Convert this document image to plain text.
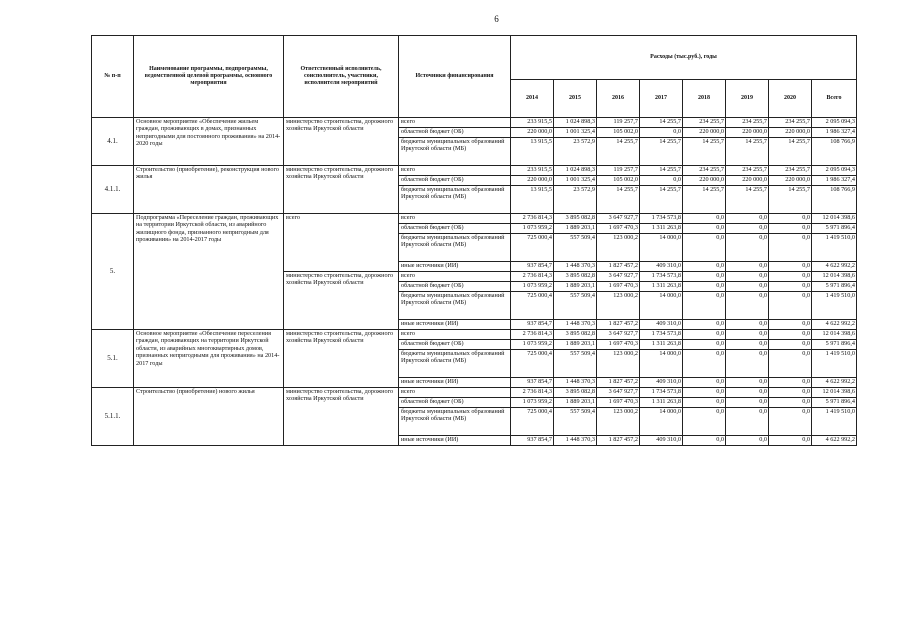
6
№ п-п	Наименование программы, подпрограммы, ведомственной целевой программы, основного мероприятия	Ответственный исполнитель, соисполнитель, участники, исполнители мероприятий	Источники финансирования	Расходы (тыс.руб.), годы							
				2014	2015	2016	2017	2018	2019	2020	Всего
4.1.	Основное мероприятие «Обеспечение жильем граждан, проживающих в домах, признанных непригодными для постоянного проживания» на 2014-2020 годы	министерство строительства, дорожного хозяйства Иркутской области	всего	233 915,5	1 024 898,3	119 257,7	14 255,7	234 255,7	234 255,7	234 255,7	2 095 094,3
			областной бюджет (ОБ)	220 000,0	1 001 325,4	105 002,0	0,0	220 000,0	220 000,0	220 000,0	1 986 327,4
			бюджеты муниципальных образований Иркутской области (МБ)	13 915,5	23 572,9	14 255,7	14 255,7	14 255,7	14 255,7	14 255,7	108 766,9
4.1.1.	Строительство (приобретение), реконструкция нового жилья	министерство строительства, дорожного хозяйства Иркутской области	всего	233 915,5	1 024 898,3	119 257,7	14 255,7	234 255,7	234 255,7	234 255,7	2 095 094,3
			областной бюджет (ОБ)	220 000,0	1 001 325,4	105 002,0	0,0	220 000,0	220 000,0	220 000,0	1 986 327,4
			бюджеты муниципальных образований Иркутской области (МБ)	13 915,5	23 572,9	14 255,7	14 255,7	14 255,7	14 255,7	14 255,7	108 766,9
5.	Подпрограмма «Переселение граждан, проживающих на территории Иркутской области, из аварийного жилищного фонда, признанного непригодным для проживания» на 2014-2017 годы	всего	всего	2 736 814,3	3 895 082,8	3 647 927,7	1 734 573,8	0,0	0,0	0,0	12 014 398,6
			областной бюджет (ОБ)	1 073 959,2	1 889 203,1	1 697 470,3	1 311 263,8	0,0	0,0	0,0	5 971 896,4
			бюджеты муниципальных образований Иркутской области (МБ)	725 000,4	557 509,4	123 000,2	14 000,0	0,0	0,0	0,0	1 419 510,0
			иные источники (ИИ)	937 854,7	1 448 370,3	1 827 457,2	409 310,0	0,0	0,0	0,0	4 622 992,2
		министерство строительства, дорожного хозяйства Иркутской области	всего	2 736 814,3	3 895 082,8	3 647 927,7	1 734 573,8	0,0	0,0	0,0	12 014 398,6
			областной бюджет (ОБ)	1 073 959,2	1 889 203,1	1 697 470,3	1 311 263,8	0,0	0,0	0,0	5 971 896,4
			бюджеты муниципальных образований Иркутской области (МБ)	725 000,4	557 509,4	123 000,2	14 000,0	0,0	0,0	0,0	1 419 510,0
			иные источники (ИИ)	937 854,7	1 448 370,3	1 827 457,2	409 310,0	0,0	0,0	0,0	4 622 992,2
5.1.	Основное мероприятие «Обеспечение переселения граждан, проживающих на территории Иркутской области, из аварийных многоквартирных домов, признанных непригодными для проживания» на 2014-2017 годы	министерство строительства, дорожного хозяйства Иркутской области	всего	2 736 814,3	3 895 082,8	3 647 927,7	1 734 573,8	0,0	0,0	0,0	12 014 398,6
			областной бюджет (ОБ)	1 073 959,2	1 889 203,1	1 697 470,3	1 311 263,8	0,0	0,0	0,0	5 971 896,4
			бюджеты муниципальных образований Иркутской области (МБ)	725 000,4	557 509,4	123 000,2	14 000,0	0,0	0,0	0,0	1 419 510,0
			иные источники (ИИ)	937 854,7	1 448 370,3	1 827 457,2	409 310,0	0,0	0,0	0,0	4 622 992,2
5.1.1.	Строительство (приобретение) нового жилья	министерство строительства, дорожного хозяйства Иркутской области	всего	2 736 814,3	3 895 082,8	3 647 927,7	1 734 573,8	0,0	0,0	0,0	12 014 398,6
			областной бюджет (ОБ)	1 073 959,2	1 889 203,1	1 697 470,3	1 311 263,8	0,0	0,0	0,0	5 971 896,4
			бюджеты муниципальных образований Иркутской области (МБ)	725 000,4	557 509,4	123 000,2	14 000,0	0,0	0,0	0,0	1 419 510,0
			иные источники (ИИ)	937 854,7	1 448 370,3	1 827 457,2	409 310,0	0,0	0,0	0,0	4 622 992,2
